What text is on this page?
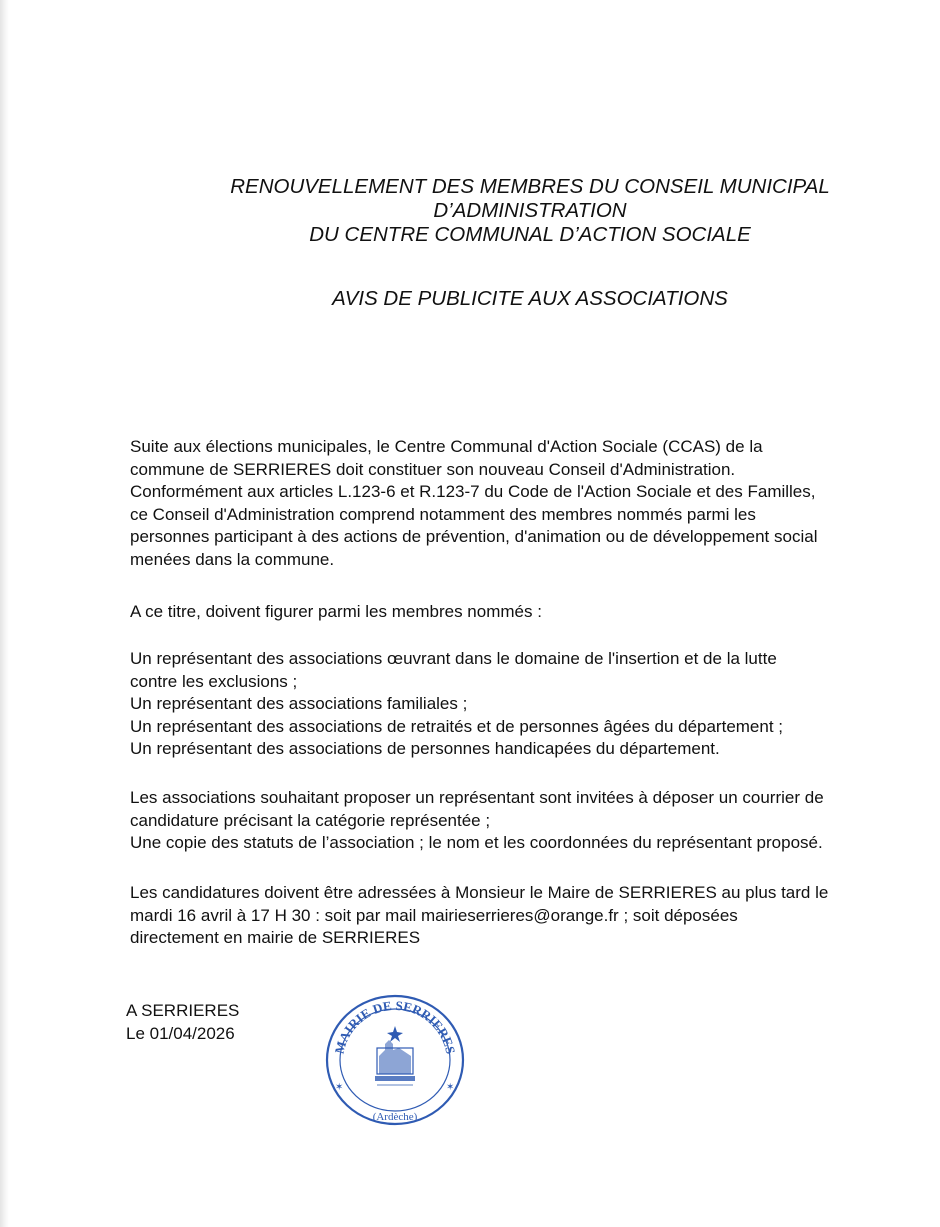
RENOUVELLEMENT DES MEMBRES DU CONSEIL MUNICIPAL
D’ADMINISTRATION
DU CENTRE COMMUNAL D’ACTION SOCIALE
AVIS DE PUBLICITE AUX ASSOCIATIONS
Suite aux élections municipales, le Centre Communal d'Action Sociale (CCAS) de la
commune de SERRIERES doit constituer son nouveau Conseil d'Administration.
Conformément aux articles L.123-6 et R.123-7 du Code de l'Action Sociale et des Familles,
ce Conseil d'Administration comprend notamment des membres nommés parmi les
personnes participant à des actions de prévention, d'animation ou de développement social
menées dans la commune.
A ce titre, doivent figurer parmi les membres nommés :
Un représentant des associations œuvrant dans le domaine de l'insertion et de la lutte
contre les exclusions ;
Un représentant des associations familiales ;
Un représentant des associations de retraités et de personnes âgées du département ;
Un représentant des associations de personnes handicapées du département.
Les associations souhaitant proposer un représentant sont invitées à déposer un courrier de
candidature précisant la catégorie représentée ;
Une copie des statuts de l’association ; le nom et les coordonnées du représentant proposé.
Les candidatures doivent être adressées à Monsieur le Maire de SERRIERES au plus tard le
mardi 16 avril à 17 H 30 : soit par mail mairieserrieres@orange.fr ; soit déposées
directement en mairie de SERRIERES
A SERRIERES
Le 01/04/2026
MAIRIE DE SERRIERES
(Ardèche)
✶	✶
